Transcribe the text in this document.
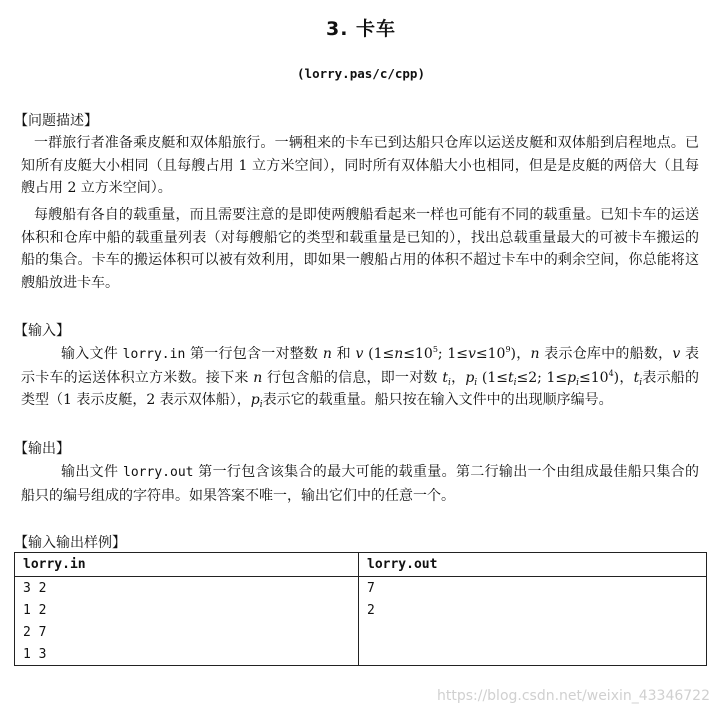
3. 卡车
(lorry.pas/c/cpp)
【问题描述】

一群旅行者准备乘皮艇和双体船旅行。一辆租来的卡车已到达船只仓库以运送皮艇和双体船到启程地点。已知所有皮艇大小相同（且每艘占用 1 立方米空间），同时所有双体船大小也相同，但是是皮艇的两倍大（且每艘占用 2 立方米空间）。

每艘船有各自的载重量，而且需要注意的是即使两艘船看起来一样也可能有不同的载重量。已知卡车的运送体积和仓库中船的载重量列表（对每艘船它的类型和载重量是已知的），找出总载重量最大的可被卡车搬运的船的集合。卡车的搬运体积可以被有效利用，即如果一艘船占用的体积不超过卡车中的剩余空间，你总能将这艘船放进卡车。

【输入】

输入文件 lorry.in 第一行包含一对整数 n 和 v ($1\le n\le 10^5$; $1\le v\le 10^9$)，n 表示仓库中的船数，v 表示卡车的运送体积立方米数。接下来 n 行包含船的信息，即一对数 $t_i$，$p_i$ ($1\le t_i\le 2$; $1\le p_i\le 10^4$)，$t_i$表示船的类型（1 表示皮艇，2 表示双体船），$p_i$表示它的载重量。船只按在输入文件中的出现顺序编号。

【输出】

输出文件 lorry.out 第一行包含该集合的最大可能的载重量。第二行输出一个由组成最佳船只集合的船只的编号组成的字符串。如果答案不唯一，输出它们中的任意一个。

【输入输出样例】
lorry.in	lorry.out
3 2	7
1 2	2
2 7	
1 3	
https://blog.csdn.net/weixin_43346722
